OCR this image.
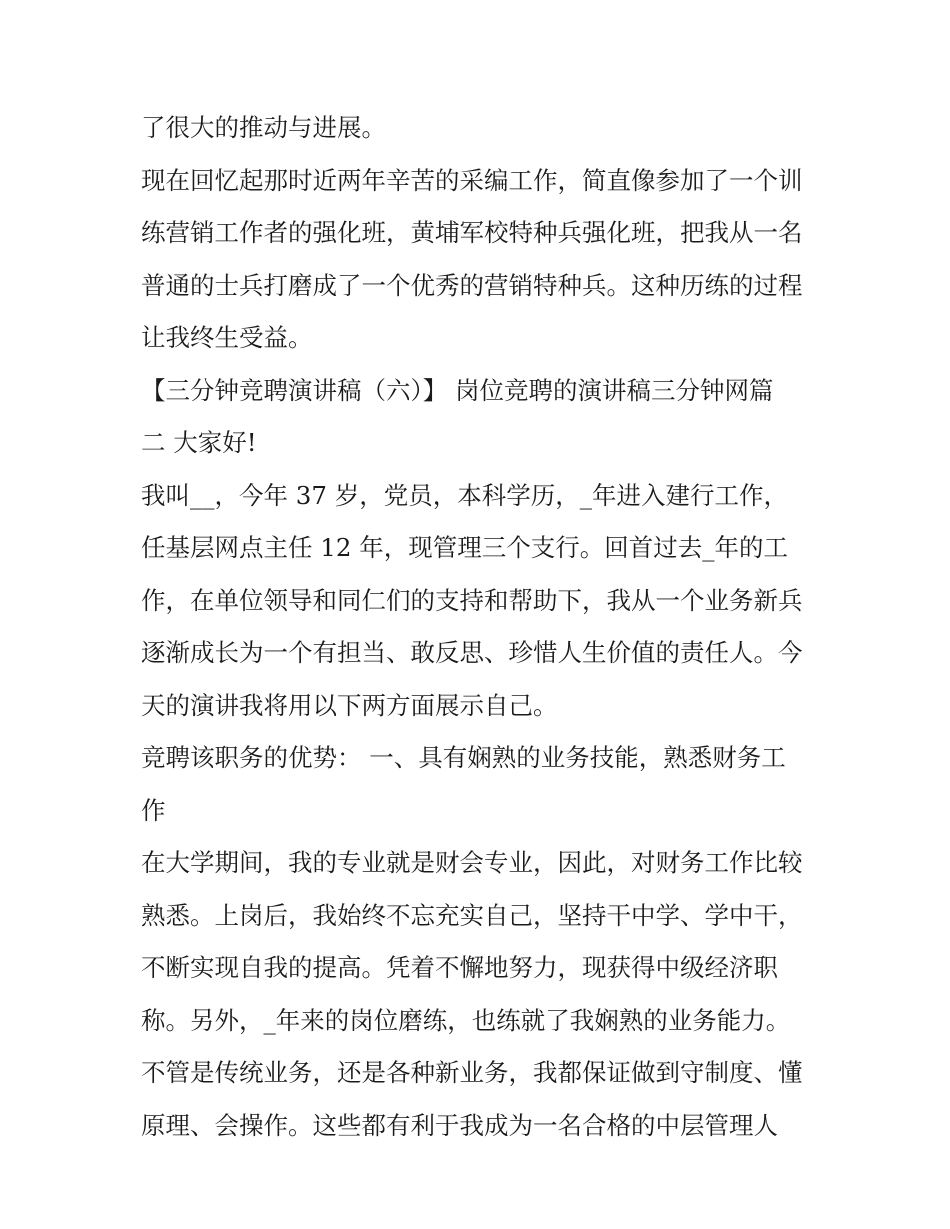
了很大的推动与进展。
现在回忆起那时近两年辛苦的采编工作，简直像参加了一个训
练营销工作者的强化班，黄埔军校特种兵强化班，把我从一名
普通的士兵打磨成了一个优秀的营销特种兵。这种历练的过程
让我终生受益。
【三分钟竞聘演讲稿（六）】 岗位竞聘的演讲稿三分钟网篇
二 大家好!
我叫__，今年 37 岁，党员，本科学历，_年进入建行工作，
任基层网点主任 12 年，现管理三个支行。回首过去_年的工
作，在单位领导和同仁们的支持和帮助下，我从一个业务新兵
逐渐成长为一个有担当、敢反思、珍惜人生价值的责任人。今
天的演讲我将用以下两方面展示自己。
竞聘该职务的优势： 一、具有娴熟的业务技能，熟悉财务工
作
在大学期间，我的专业就是财会专业，因此，对财务工作比较
熟悉。上岗后，我始终不忘充实自己，坚持干中学、学中干，
不断实现自我的提高。凭着不懈地努力，现获得中级经济职
称。另外，_年来的岗位磨练，也练就了我娴熟的业务能力。
不管是传统业务，还是各种新业务，我都保证做到守制度、懂
原理、会操作。这些都有利于我成为一名合格的中层管理人
